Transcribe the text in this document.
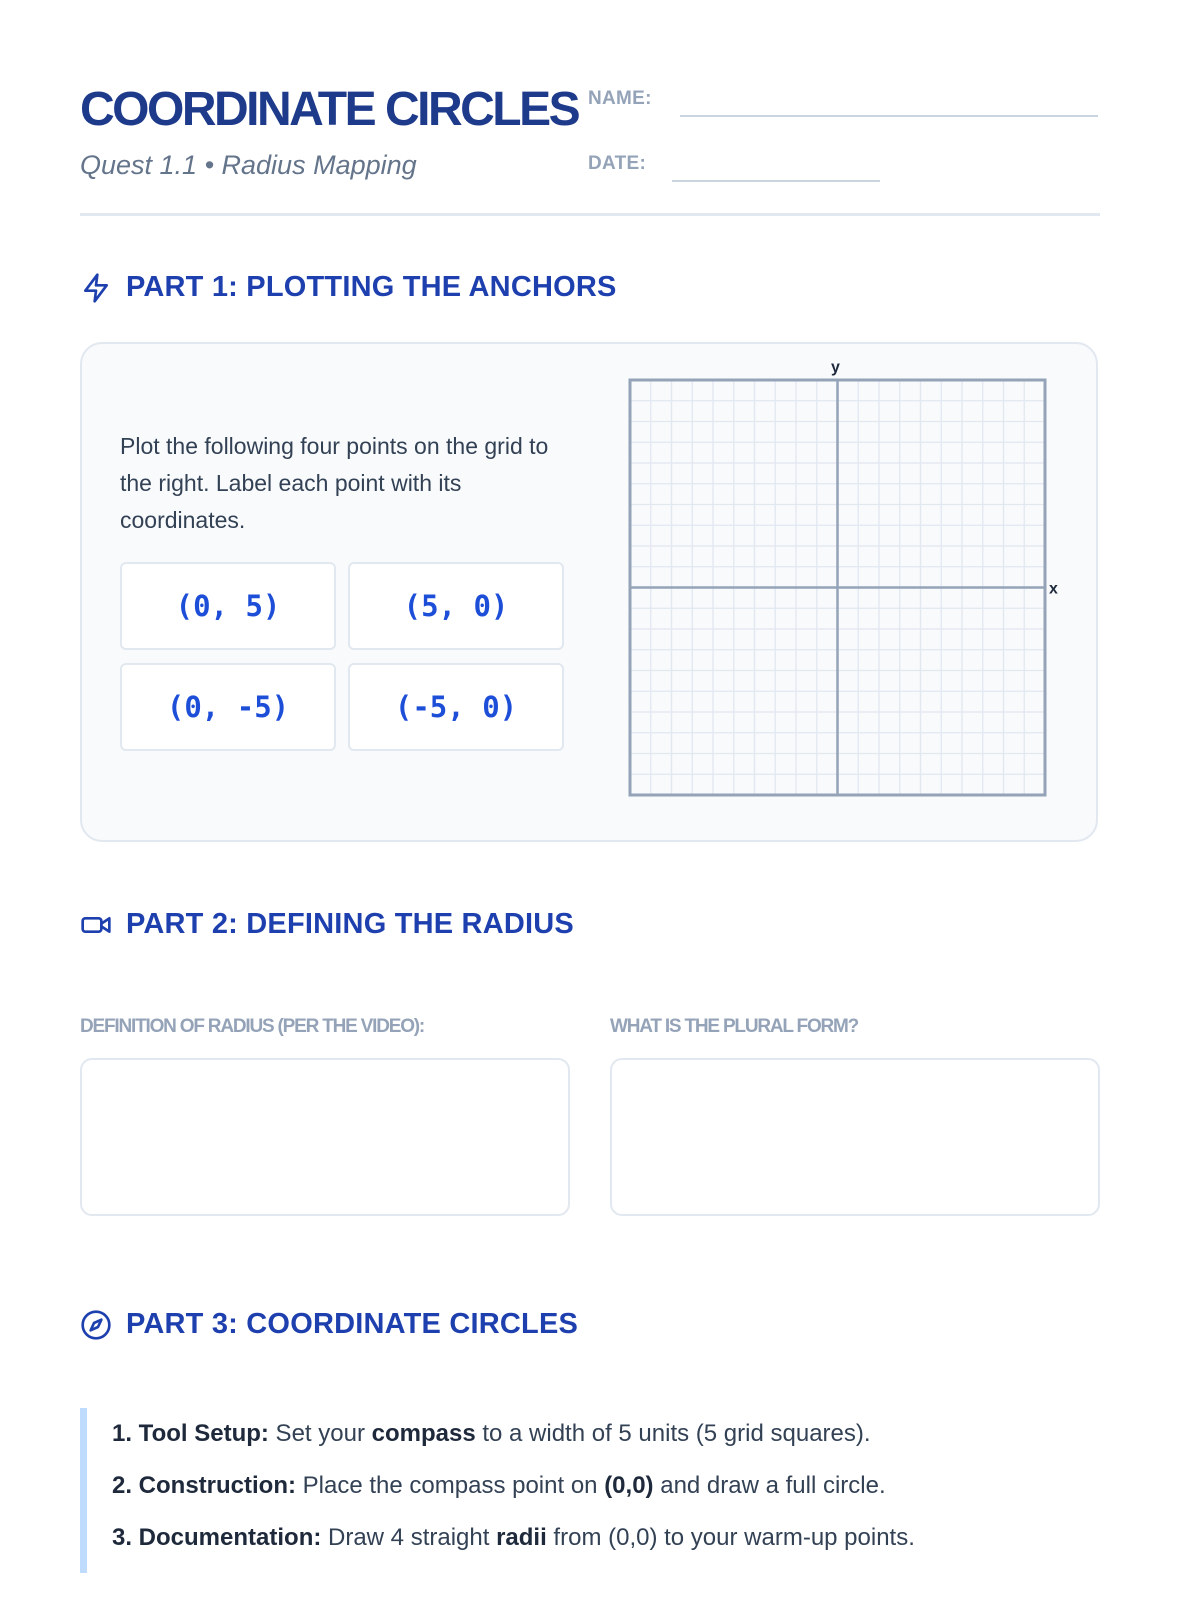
COORDINATE CIRCLES
Quest 1.1 • Radius Mapping
NAME:
DATE:
PART 1: PLOTTING THE ANCHORS

Plot the following four points on the grid to the right. Label each point with its coordinates.

(0, 5)	(5, 0)
(0, -5)	(-5, 0)
y
x
PART 2: DEFINING THE RADIUS
DEFINITION OF RADIUS (PER THE VIDEO):	WHAT IS THE PLURAL FORM?
PART 3: COORDINATE CIRCLES
1. Tool Setup: Set your compass to a width of 5 units (5 grid squares).
2. Construction: Place the compass point on (0,0) and draw a full circle.
3. Documentation: Draw 4 straight radii from (0,0) to your warm-up points.
